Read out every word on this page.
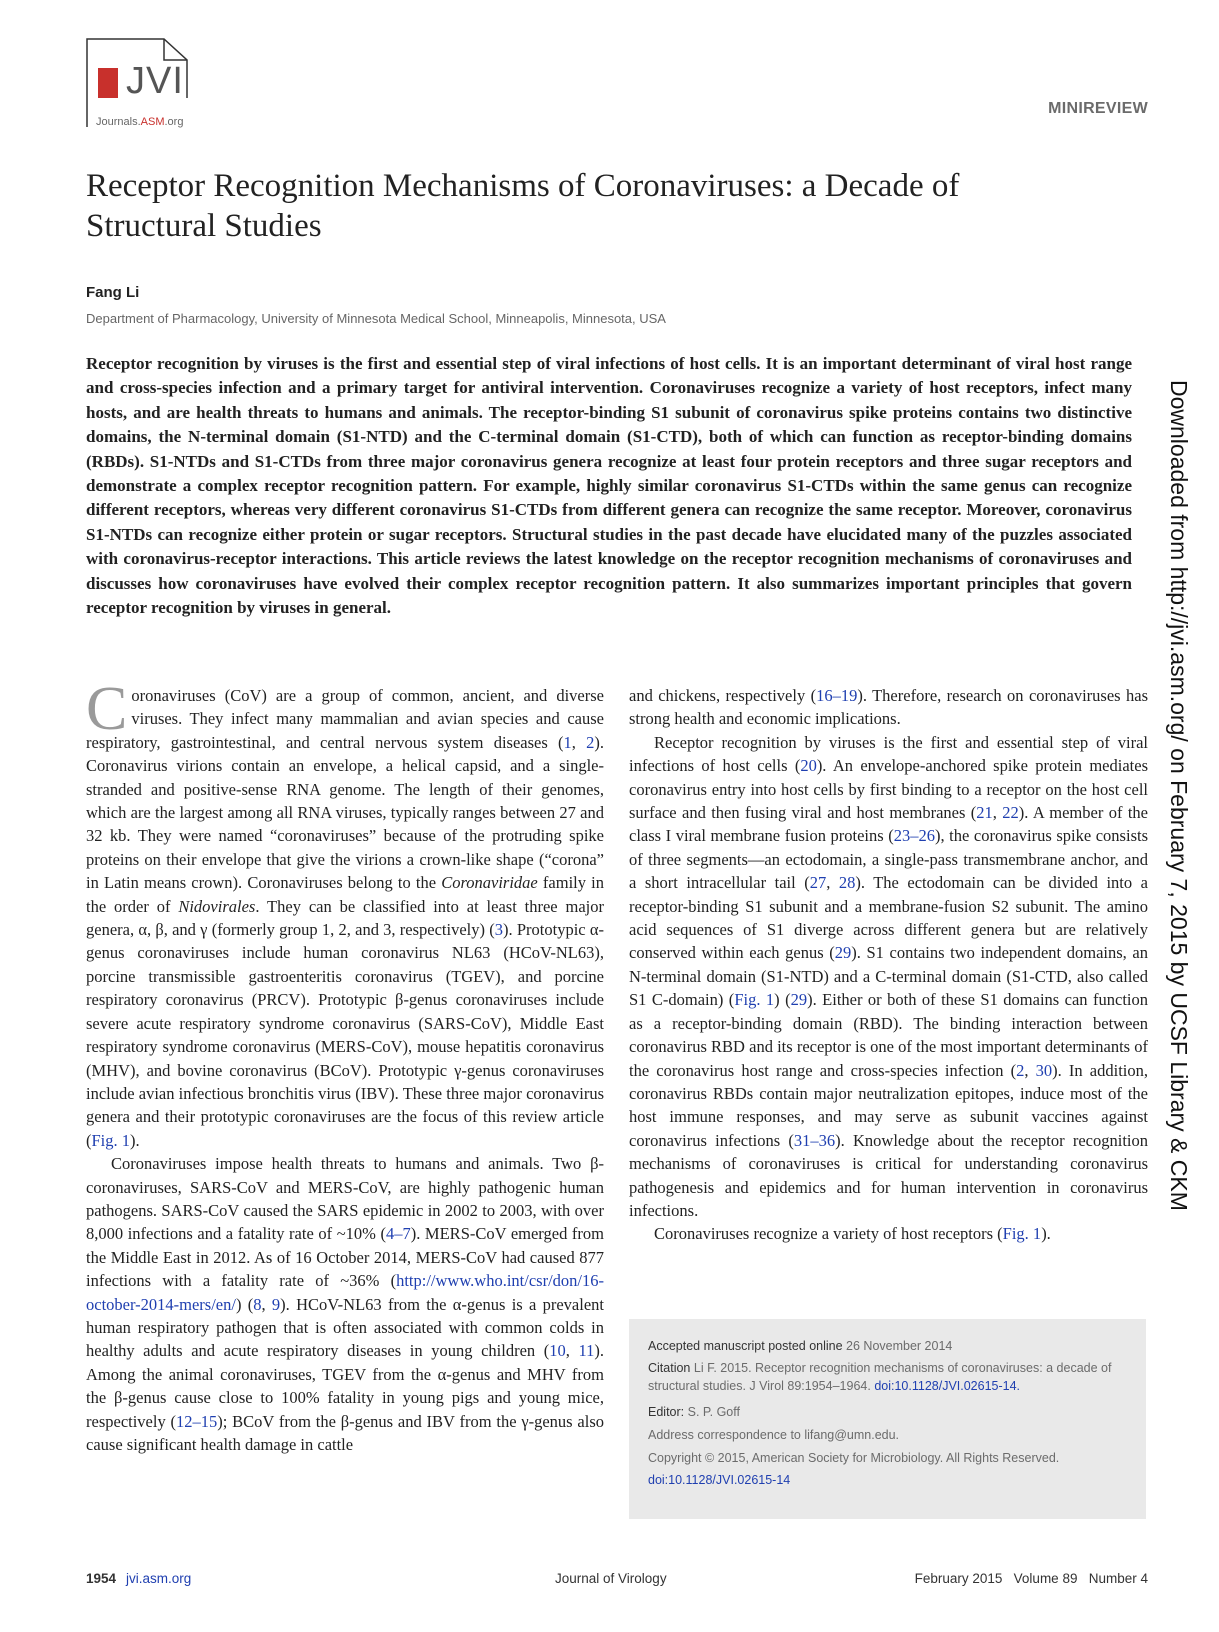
JVI
Journals.ASM.org
MINIREVIEW
Receptor Recognition Mechanisms of Coronaviruses: a Decade of Structural Studies
Fang Li
Department of Pharmacology, University of Minnesota Medical School, Minneapolis, Minnesota, USA
Receptor recognition by viruses is the first and essential step of viral infections of host cells. It is an important determinant of viral host range and cross-species infection and a primary target for antiviral intervention. Coronaviruses recognize a variety of host receptors, infect many hosts, and are health threats to humans and animals. The receptor-binding S1 subunit of coronavirus spike proteins contains two distinctive domains, the N-terminal domain (S1-NTD) and the C-terminal domain (S1-CTD), both of which can function as receptor-binding domains (RBDs). S1-NTDs and S1-CTDs from three major coronavirus genera recognize at least four protein receptors and three sugar receptors and demonstrate a complex receptor recognition pattern. For example, highly similar coronavirus S1-CTDs within the same genus can recognize different receptors, whereas very different coronavirus S1-CTDs from different genera can recognize the same receptor. Moreover, coronavirus S1-NTDs can recognize either protein or sugar receptors. Structural studies in the past decade have elucidated many of the puzzles associated with coronavirus-receptor interactions. This article reviews the latest knowledge on the receptor recognition mechanisms of coronaviruses and discusses how coronaviruses have evolved their complex receptor recognition pattern. It also summarizes important principles that govern receptor recognition by viruses in general.

Coronaviruses (CoV) are a group of common, ancient, and diverse viruses. They infect many mammalian and avian species and cause respiratory, gastrointestinal, and central nervous system diseases (1, 2). Coronavirus virions contain an envelope, a helical capsid, and a single-stranded and positive-sense RNA genome. The length of their genomes, which are the largest among all RNA viruses, typically ranges between 27 and 32 kb. They were named “coronaviruses” because of the protruding spike proteins on their envelope that give the virions a crown-like shape (“corona” in Latin means crown). Coronaviruses belong to the Coronaviridae family in the order of Nidovirales. They can be classified into at least three major genera, α, β, and γ (formerly group 1, 2, and 3, respectively) (3). Prototypic α-genus coronaviruses include human coronavirus NL63 (HCoV-NL63), porcine transmissible gastroenteritis coronavirus (TGEV), and porcine respiratory coronavirus (PRCV). Prototypic β-genus coronaviruses include severe acute respiratory syndrome coronavirus (SARS-CoV), Middle East respiratory syndrome coronavirus (MERS-CoV), mouse hepatitis coronavirus (MHV), and bovine coronavirus (BCoV). Prototypic γ-genus coronaviruses include avian infectious bronchitis virus (IBV). These three major coronavirus genera and their prototypic coronaviruses are the focus of this review article (Fig. 1).

Coronaviruses impose health threats to humans and animals. Two β-coronaviruses, SARS-CoV and MERS-CoV, are highly pathogenic human pathogens. SARS-CoV caused the SARS epidemic in 2002 to 2003, with over 8,000 infections and a fatality rate of ~10% (4–7). MERS-CoV emerged from the Middle East in 2012. As of 16 October 2014, MERS-CoV had caused 877 infections with a fatality rate of ~36% (http://www.who.int/csr/don/16-october-2014-mers/en/) (8, 9). HCoV-NL63 from the α-genus is a prevalent human respiratory pathogen that is often associated with common colds in healthy adults and acute respiratory diseases in young children (10, 11). Among the animal coronaviruses, TGEV from the α-genus and MHV from the β-genus cause close to 100% fatality in young pigs and young mice, respectively (12–15); BCoV from the β-genus and IBV from the γ-genus also cause significant health damage in cattle

and chickens, respectively (16–19). Therefore, research on coronaviruses has strong health and economic implications.

Receptor recognition by viruses is the first and essential step of viral infections of host cells (20). An envelope-anchored spike protein mediates coronavirus entry into host cells by first binding to a receptor on the host cell surface and then fusing viral and host membranes (21, 22). A member of the class I viral membrane fusion proteins (23–26), the coronavirus spike consists of three segments—an ectodomain, a single-pass transmembrane anchor, and a short intracellular tail (27, 28). The ectodomain can be divided into a receptor-binding S1 subunit and a membrane-fusion S2 subunit. The amino acid sequences of S1 diverge across different genera but are relatively conserved within each genus (29). S1 contains two independent domains, an N-terminal domain (S1-NTD) and a C-terminal domain (S1-CTD, also called S1 C-domain) (Fig. 1) (29). Either or both of these S1 domains can function as a receptor-binding domain (RBD). The binding interaction between coronavirus RBD and its receptor is one of the most important determinants of the coronavirus host range and cross-species infection (2, 30). In addition, coronavirus RBDs contain major neutralization epitopes, induce most of the host immune responses, and may serve as subunit vaccines against coronavirus infections (31–36). Knowledge about the receptor recognition mechanisms of coronaviruses is critical for understanding coronavirus pathogenesis and epidemics and for human intervention in coronavirus infections.

Coronaviruses recognize a variety of host receptors (Fig. 1).

Accepted manuscript posted online 26 November 2014
Citation Li F. 2015. Receptor recognition mechanisms of coronaviruses: a decade of structural studies. J Virol 89:1954–1964. doi:10.1128/JVI.02615-14.
Editor: S. P. Goff
Address correspondence to lifang@umn.edu.
Copyright © 2015, American Society for Microbiology. All Rights Reserved.
doi:10.1128/JVI.02615-14
Downloaded from http://jvi.asm.org/ on February 7, 2015 by UCSF Library & CKM
1954 jvi.asm.org	Journal of Virology	February 2015   Volume 89   Number 4
